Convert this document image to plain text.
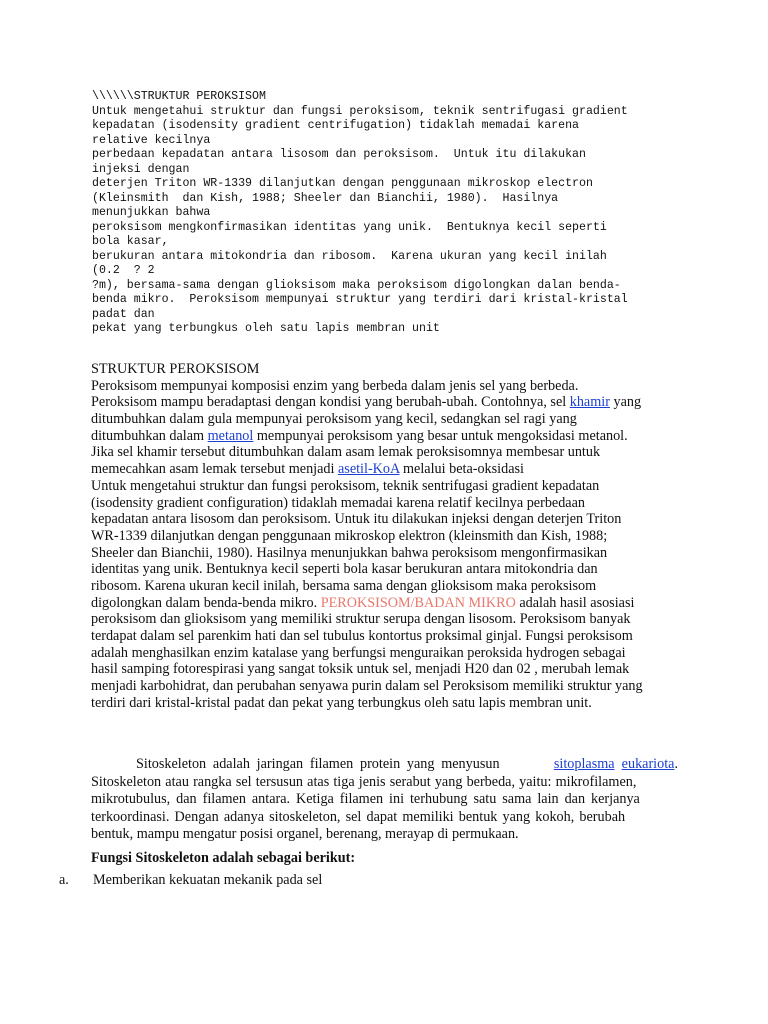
\\\\\\STRUKTUR PEROKSISOM
Untuk mengetahui struktur dan fungsi peroksisom, teknik sentrifugasi gradient
kepadatan (isodensity gradient centrifugation) tidaklah memadai karena
relative kecilnya
perbedaan kepadatan antara lisosom dan peroksisom.  Untuk itu dilakukan
injeksi dengan
deterjen Triton WR-1339 dilanjutkan dengan penggunaan mikroskop electron
(Kleinsmith  dan Kish, 1988; Sheeler dan Bianchii, 1980).  Hasilnya
menunjukkan bahwa
peroksisom mengkonfirmasikan identitas yang unik.  Bentuknya kecil seperti
bola kasar,
berukuran antara mitokondria dan ribosom.  Karena ukuran yang kecil inilah
(0.2  ? 2
?m), bersama-sama dengan glioksisom maka peroksisom digolongkan dalan benda-
benda mikro.  Peroksisom mempunyai struktur yang terdiri dari kristal-kristal
padat dan
pekat yang terbungkus oleh satu lapis membran unit
STRUKTUR PEROKSISOM
Peroksisom mempunyai komposisi enzim yang berbeda dalam jenis sel yang berbeda.
Peroksisom mampu beradaptasi dengan kondisi yang berubah-ubah. Contohnya, sel khamir yang
ditumbuhkan dalam gula mempunyai peroksisom yang kecil, sedangkan sel ragi yang
ditumbuhkan dalam metanol mempunyai peroksisom yang besar untuk mengoksidasi metanol.
Jika sel khamir tersebut ditumbuhkan dalam asam lemak peroksisomnya membesar untuk
memecahkan asam lemak tersebut menjadi asetil-KoA melalui beta-oksidasi
Untuk mengetahui struktur dan fungsi peroksisom, teknik sentrifugasi gradient kepadatan
(isodensity gradient configuration) tidaklah memadai karena relatif kecilnya perbedaan
kepadatan antara lisosom dan peroksisom. Untuk itu dilakukan injeksi dengan deterjen Triton
WR-1339 dilanjutkan dengan penggunaan mikroskop elektron (kleinsmith dan Kish, 1988;
Sheeler dan Bianchii, 1980). Hasilnya menunjukkan bahwa peroksisom mengonfirmasikan
identitas yang unik. Bentuknya kecil seperti bola kasar berukuran antara mitokondria dan
ribosom. Karena ukuran kecil inilah, bersama sama dengan glioksisom maka peroksisom
digolongkan dalam benda-benda mikro. PEROKSISOM/BADAN MIKRO adalah hasil asosiasi
peroksisom dan glioksisom yang memiliki struktur serupa dengan lisosom. Peroksisom banyak
terdapat dalam sel parenkim hati dan sel tubulus kontortus proksimal ginjal. Fungsi peroksisom
adalah menghasilkan enzim katalase yang berfungsi menguraikan peroksida hydrogen sebagai
hasil samping fotorespirasi yang sangat toksik untuk sel, menjadi H20 dan 02 , merubah lemak
menjadi karbohidrat, dan perubahan senyawa purin dalam sel Peroksisom memiliki struktur yang
terdiri dari kristal-kristal padat dan pekat yang terbungkus oleh satu lapis membran unit.
Sitoskeleton adalah jaringan filamen protein yang menyusun	sitoplasma eukariota.
Sitoskeleton atau rangka sel tersusun atas tiga jenis serabut yang berbeda, yaitu: mikrofilamen,
mikrotubulus, dan filamen antara. Ketiga filamen ini terhubung satu sama lain dan kerjanya
terkoordinasi. Dengan adanya sitoskeleton, sel dapat memiliki bentuk yang kokoh, berubah
bentuk, mampu mengatur posisi organel, berenang, merayap di permukaan.
Fungsi Sitoskeleton adalah sebagai berikut:
a. Memberikan kekuatan mekanik pada sel
